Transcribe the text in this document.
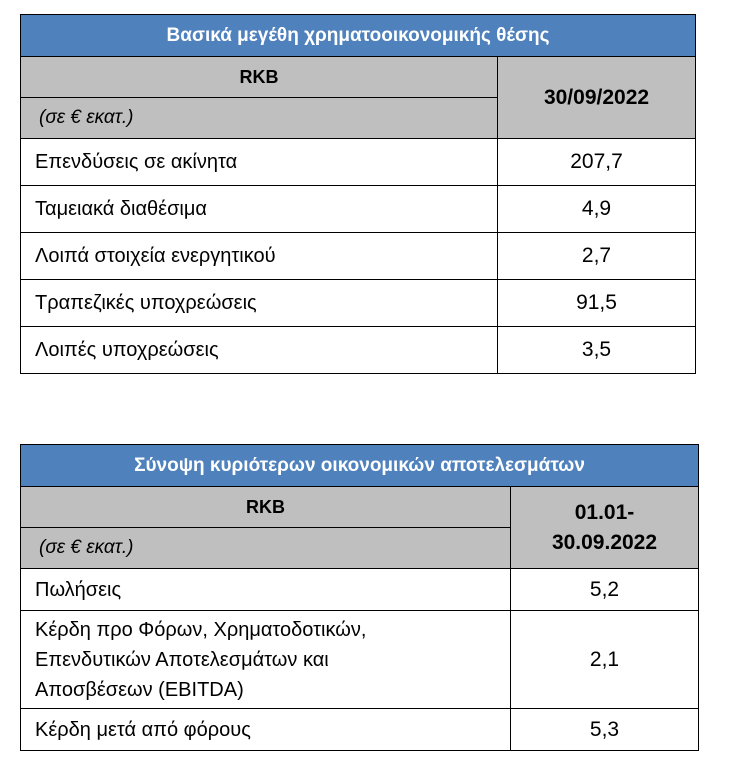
Βασικά μεγέθη χρηματοοικονομικής θέσης	
RKB	30/09/2022
(σε € εκατ.)	
Επενδύσεις σε ακίνητα	207,7
Ταμειακά διαθέσιμα	4,9
Λοιπά στοιχεία ενεργητικού	2,7
Τραπεζικές υποχρεώσεις	91,5
Λοιπές υποχρεώσεις	3,5
Σύνοψη κυριότερων οικονομικών αποτελεσμάτων	
RKB	01.01-
30.09.2022

(σε € εκατ.)	
Πωλήσεις	5,2

Κέρδη προ Φόρων, Χρηματοδοτικών,
Επενδυτικών Αποτελεσμάτων και
Αποσβέσεων (EBITDA)	2,1
Κέρδη μετά από φόρους	5,3
